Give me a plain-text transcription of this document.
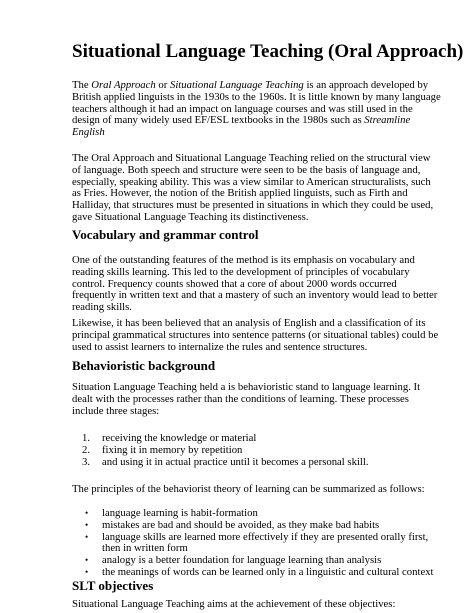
Situational Language Teaching (Oral Approach)

The Oral Approach or Situational Language Teaching is an approach developed by
British applied linguists in the 1930s to the 1960s. It is little known by many language
teachers although it had an impact on language courses and was still used in the
design of many widely used EF/ESL textbooks in the 1980s such as Streamline
English

The Oral Approach and Situational Language Teaching relied on the structural view
of language. Both speech and structure were seen to be the basis of language and,
especially, speaking ability. This was a view similar to American structuralists, such
as Fries. However, the notion of the British applied linguists, such as Firth and
Halliday, that structures must be presented in situations in which they could be used,
gave Situational Language Teaching its distinctiveness.

Vocabulary and grammar control

One of the outstanding features of the method is its emphasis on vocabulary and
reading skills learning. This led to the development of principles of vocabulary
control. Frequency counts showed that a core of about 2000 words occurred
frequently in written text and that a mastery of such an inventory would lead to better
reading skills.

Likewise, it has been believed that an analysis of English and a classification of its
principal grammatical structures into sentence patterns (or situational tables) could be
used to assist learners to internalize the rules and sentence structures.

Behavioristic background

Situation Language Teaching held a is behavioristic stand to language learning. It
dealt with the processes rather than the conditions of learning. These processes
include three stages:

1. receiving the knowledge or material
2. fixing it in memory by repetition
3. and using it in actual practice until it becomes a personal skill.

The principles of the behaviorist theory of learning can be summarized as follows:

• language learning is habit-formation
• mistakes are bad and should be avoided, as they make bad habits
• language skills are learned more effectively if they are presented orally first,
then in written form
• analogy is a better foundation for language learning than analysis
• the meanings of words can be learned only in a linguistic and cultural context
SLT objectives

Situational Language Teaching aims at the achievement of these objectives:
